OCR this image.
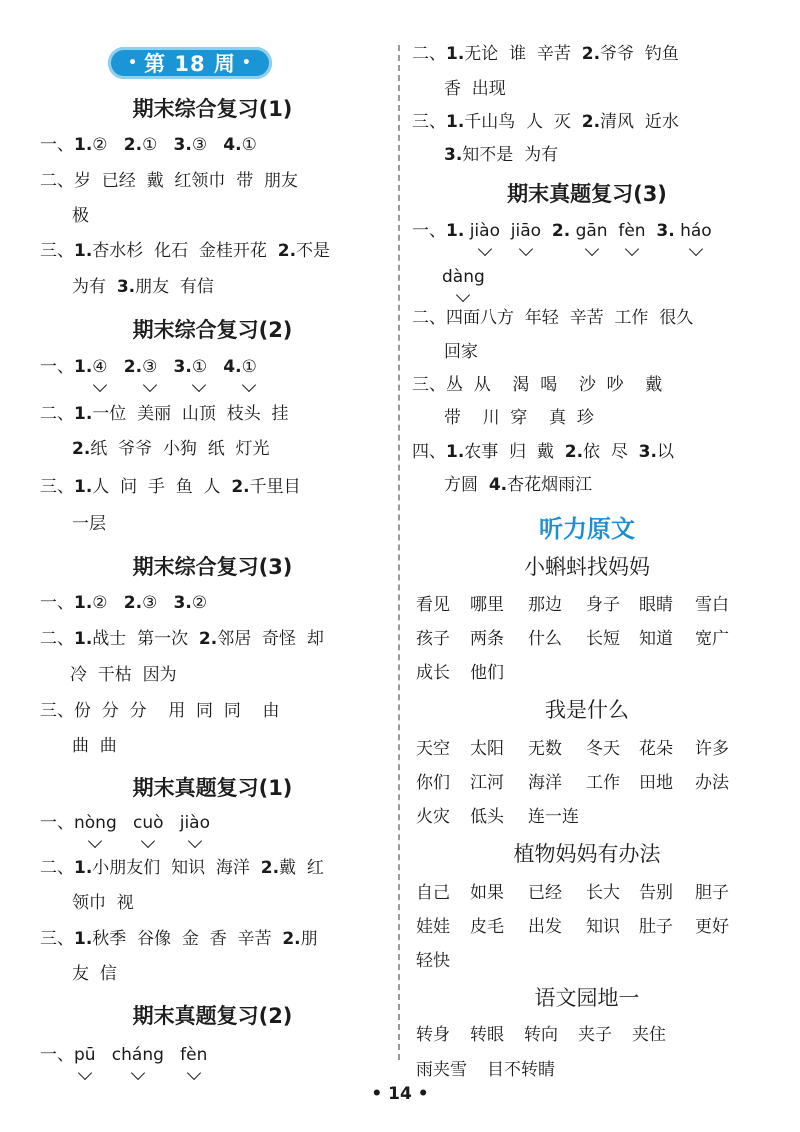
• 第 18 周 •
期末综合复习(1)
一、1.② 2.① 3.③ 4.①
二、岁  已经  戴  红领巾  带  朋友
极
三、1.杏水杉  化石  金桂开花  2.不是
为有  3.朋友  有信
期末综合复习(2)
一、1.④ 2.③ 3.① 4.①
二、1.一位  美丽  山顶  枝头  挂
2.纸  爷爷  小狗  纸  灯光
三、1.人  问  手  鱼  人  2.千里目
一层
期末综合复习(3)
一、1.② 2.③ 3.②
二、1.战士  第一次  2.邻居  奇怪  却
冷  干枯  因为
三、份  分  分    用  同  同    由
曲  曲
期末真题复习(1)
一、nòng cuò jiào
二、1.小朋友们  知识  海洋  2.戴  红
领巾  视
三、1.秋季  谷像  金  香  辛苦  2.朋
友  信
期末真题复习(2)
一、pū cháng fèn
二、1.无论  谁  辛苦  2.爷爷  钓鱼
香  出现
三、1.千山鸟  人  灭  2.清风  近水
3.知不是  为有
期末真题复习(3)
一、1. jiào jiāo 2. gān fèn 3. háo
dàng
二、四面八方  年轻  辛苦  工作  很久
回家
三、丛  从    渴  喝    沙  吵    戴
带    川  穿    真  珍
四、1.农事  归  戴  2.依  尽  3.以
方圆  4.杏花烟雨江
听力原文
小蝌蚪找妈妈
看见 哪里 那边 身子 眼睛 雪白
孩子 两条 什么 长短 知道 宽广
成长 他们
我是什么
天空 太阳 无数 冬天 花朵 许多
你们 江河 海洋 工作 田地 办法
火灾 低头 连一连
植物妈妈有办法
自己 如果 已经 长大 告别 胆子
娃娃 皮毛 出发 知识 肚子 更好
轻快
语文园地一
转身 转眼 转向 夹子 夹住
雨夹雪 目不转睛
• 14 •
